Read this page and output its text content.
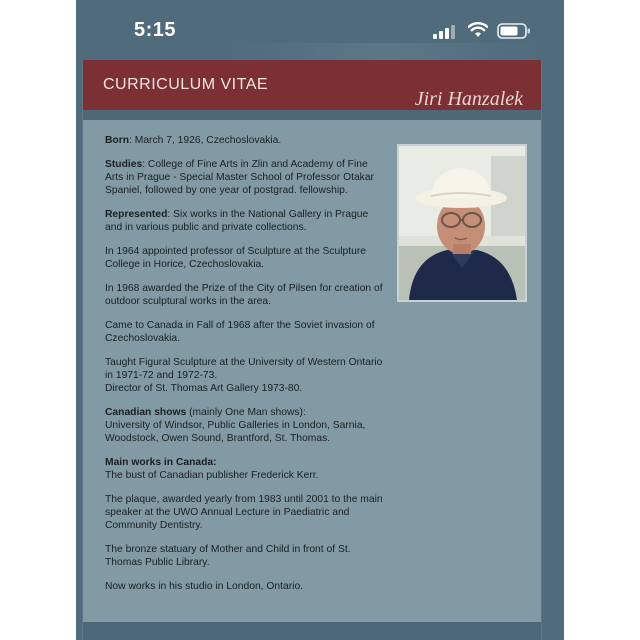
5:15
CURRICULUM VITAE
Jiri Hanzalek

Born: March 7, 1926, Czechoslovakia.

Studies: College of Fine Arts in Zlin and Academy of Fine Arts in Prague - Special Master School of Professor Otakar Spaniel, followed by one year of postgrad. fellowship.

Represented: Six works in the National Gallery in Prague and in various public and private collections.

In 1964 appointed professor of Sculpture at the Sculpture College in Horice, Czechoslovakia.

In 1968 awarded the Prize of the City of Pilsen for creation of outdoor sculptural works in the area.

Came to Canada in Fall of 1968 after the Soviet invasion of Czechoslovakia.

Taught Figural Sculpture at the University of Western Ontario in 1971-72 and 1972-73.
Director of St. Thomas Art Gallery 1973-80.

Canadian shows (mainly One Man shows):
University of Windsor, Public Galleries in London, Sarnia, Woodstock, Owen Sound, Brantford, St. Thomas.

Main works in Canada:
The bust of Canadian publisher Frederick Kerr.

The plaque, awarded yearly from 1983 until 2001 to the main speaker at the UWO Annual Lecture in Paediatric and Community Dentistry.

The bronze statuary of Mother and Child in front of St. Thomas Public Library.

Now works in his studio in London, Ontario.
